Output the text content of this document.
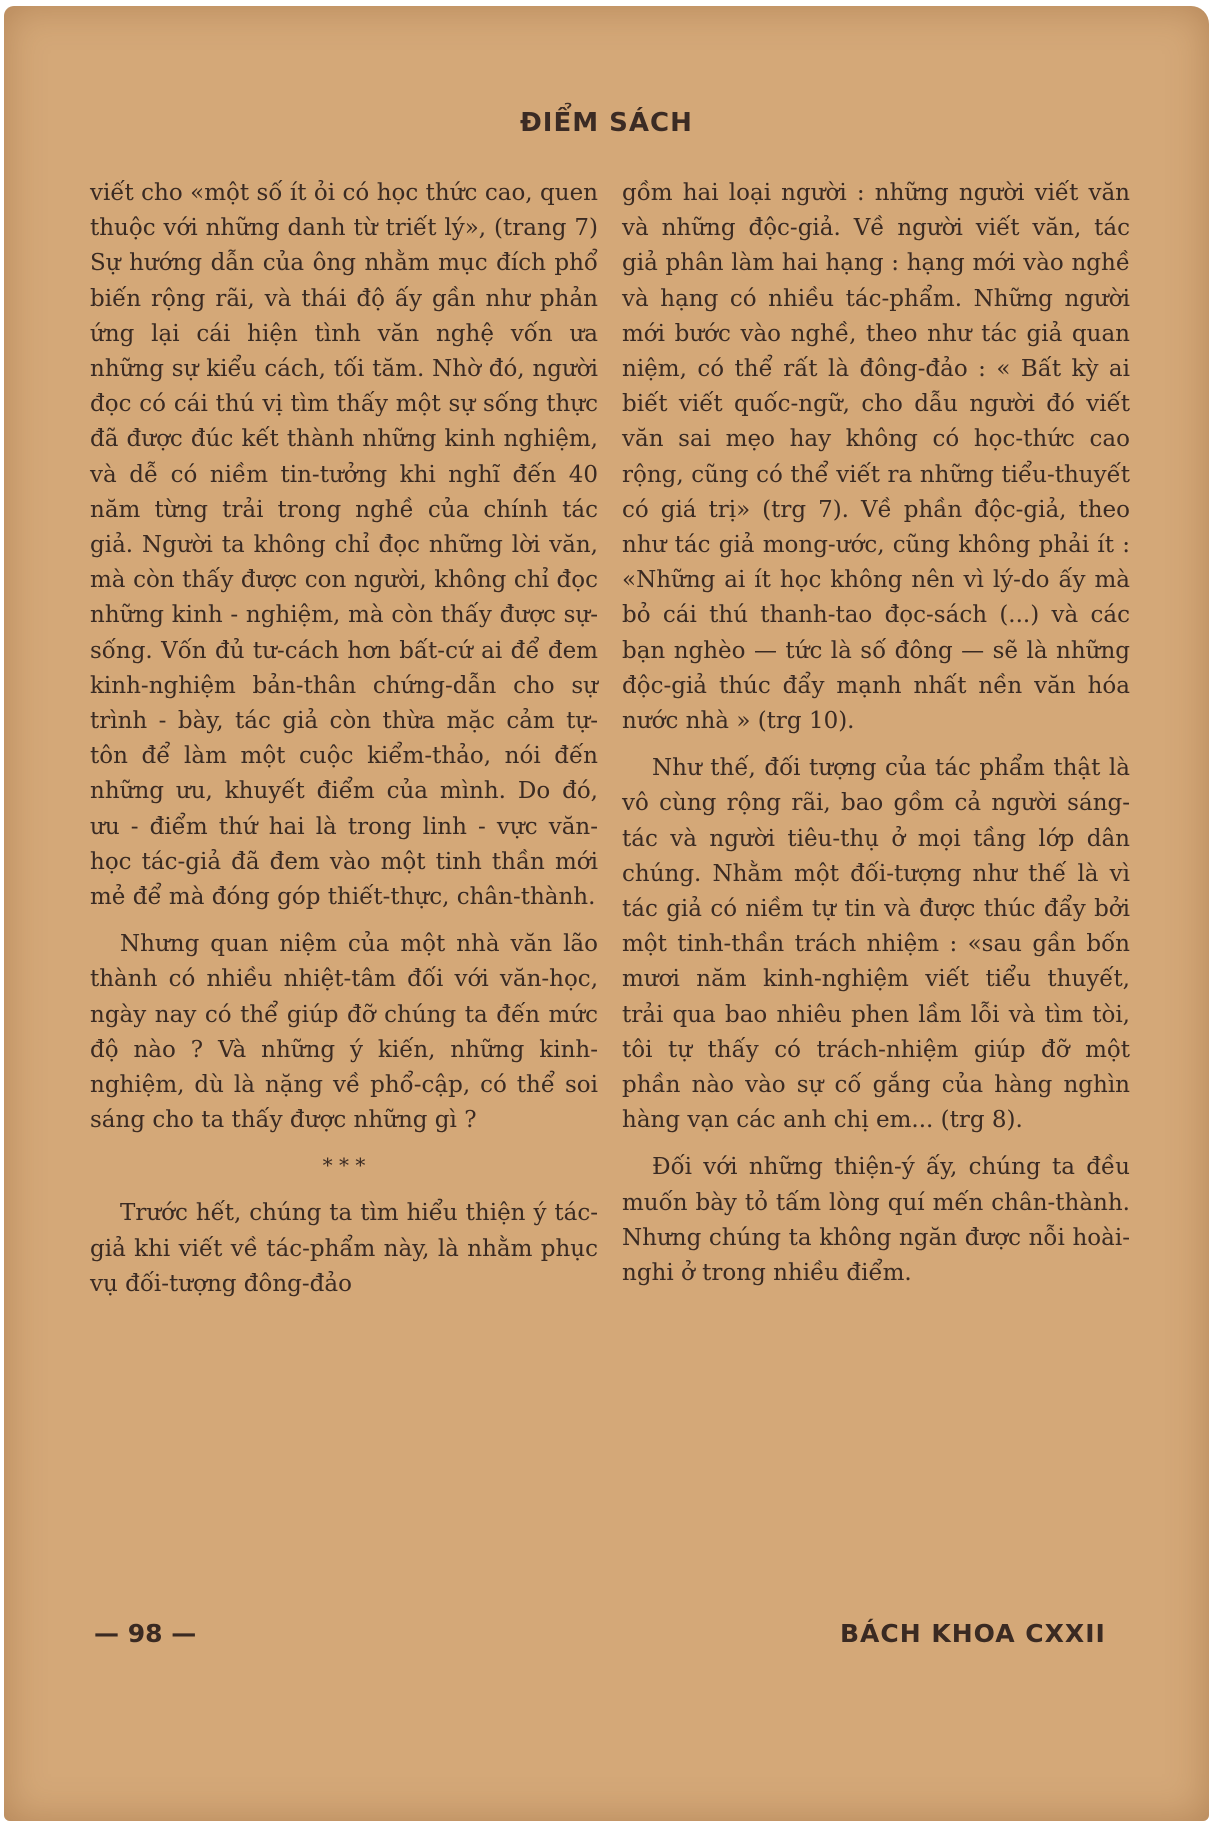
ĐIỂM SÁCH

viết cho «một số ít ỏi có học thức cao, quen thuộc với những danh từ triết lý», (trang 7) Sự hướng dẫn của ông nhằm mục đích phổ biến rộng rãi, và thái độ ấy gần như phản ứng lại cái hiện tình văn nghệ vốn ưa những sự kiểu cách, tối tăm. Nhờ đó, người đọc có cái thú vị tìm thấy một sự sống thực đã được đúc kết thành những kinh nghiệm, và dễ có niềm tin-tưởng khi nghĩ đến 40 năm từng trải trong nghề của chính tác giả. Người ta không chỉ đọc những lời văn, mà còn thấy được con người, không chỉ đọc những kinh - nghiệm, mà còn thấy được sự-sống. Vốn đủ tư-cách hơn bất-cứ ai để đem kinh-nghiệm bản-thân chứng-dẫn cho sự trình - bày, tác giả còn thừa mặc cảm tự-tôn để làm một cuộc kiểm-thảo, nói đến những ưu, khuyết điểm của mình. Do đó, ưu - điểm thứ hai là trong linh - vực văn-học tác-giả đã đem vào một tinh thần mới mẻ để mà đóng góp thiết-thực, chân-thành.

Nhưng quan niệm của một nhà văn lão thành có nhiều nhiệt-tâm đối với văn-học, ngày nay có thể giúp đỡ chúng ta đến mức độ nào ? Và những ý kiến, những kinh-nghiệm, dù là nặng về phổ-cập, có thể soi sáng cho ta thấy được những gì ?

* * *

Trước hết, chúng ta tìm hiểu thiện ý tác-giả khi viết về tác-phẩm này, là nhằm phục vụ đối-tượng đông-đảo

gồm hai loại người : những người viết văn và những độc-giả. Về người viết văn, tác giả phân làm hai hạng : hạng mới vào nghề và hạng có nhiều tác-phẩm. Những người mới bước vào nghề, theo như tác giả quan niệm, có thể rất là đông-đảo : « Bất kỳ ai biết viết quốc-ngữ, cho dẫu người đó viết văn sai mẹo hay không có học-thức cao rộng, cũng có thể viết ra những tiểu-thuyết có giá trị» (trg 7). Về phần độc-giả, theo như tác giả mong-ước, cũng không phải ít : «Những ai ít học không nên vì lý-do ấy mà bỏ cái thú thanh-tao đọc-sách (...) và các bạn nghèo — tức là số đông — sẽ là những độc-giả thúc đẩy mạnh nhất nền văn hóa nước nhà » (trg 10).

Như thế, đối tượng của tác phẩm thật là vô cùng rộng rãi, bao gồm cả người sáng-tác và người tiêu-thụ ở mọi tầng lớp dân chúng. Nhằm một đối-tượng như thế là vì tác giả có niềm tự tin và được thúc đẩy bởi một tinh-thần trách nhiệm : «sau gần bốn mươi năm kinh-nghiệm viết tiểu thuyết, trải qua bao nhiêu phen lầm lỗi và tìm tòi, tôi tự thấy có trách-nhiệm giúp đỡ một phần nào vào sự cố gắng của hàng nghìn hàng vạn các anh chị em... (trg 8).

Đối với những thiện-ý ấy, chúng ta đều muốn bày tỏ tấm lòng quí mến chân-thành. Nhưng chúng ta không ngăn được nỗi hoài-nghi ở trong nhiều điểm.

— 98 —	BÁCH KHOA CXXII
